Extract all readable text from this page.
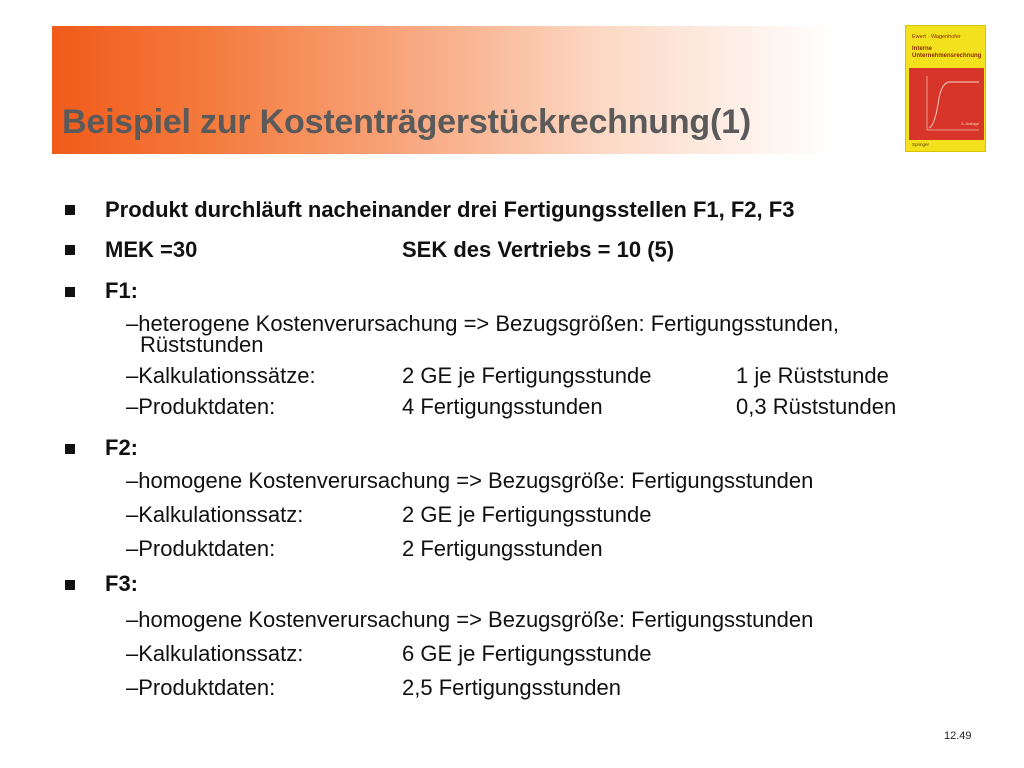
Beispiel zur Kostenträgerstückrechnung(1)
Ewert · Wagenhofer
Interne Unternehmensrechnung
5. Auflage
Springer
Produkt durchläuft nacheinander drei Fertigungsstellen F1, F2, F3
MEK =30	SEK des Vertriebs = 10 (5)
F1:
–heterogene Kostenverursachung => Bezugsgrößen: Fertigungsstunden,
Rüststunden
–Kalkulationssätze:	2 GE je Fertigungsstunde	1 je Rüststunde
–Produktdaten:	4 Fertigungsstunden	0,3 Rüststunden
F2:
–homogene Kostenverursachung => Bezugsgröße: Fertigungsstunden
–Kalkulationssatz:	2 GE je Fertigungsstunde
–Produktdaten:	2 Fertigungsstunden
F3:
–homogene Kostenverursachung => Bezugsgröße: Fertigungsstunden
–Kalkulationssatz:	6 GE je Fertigungsstunde
–Produktdaten:	2,5 Fertigungsstunden
12.49
